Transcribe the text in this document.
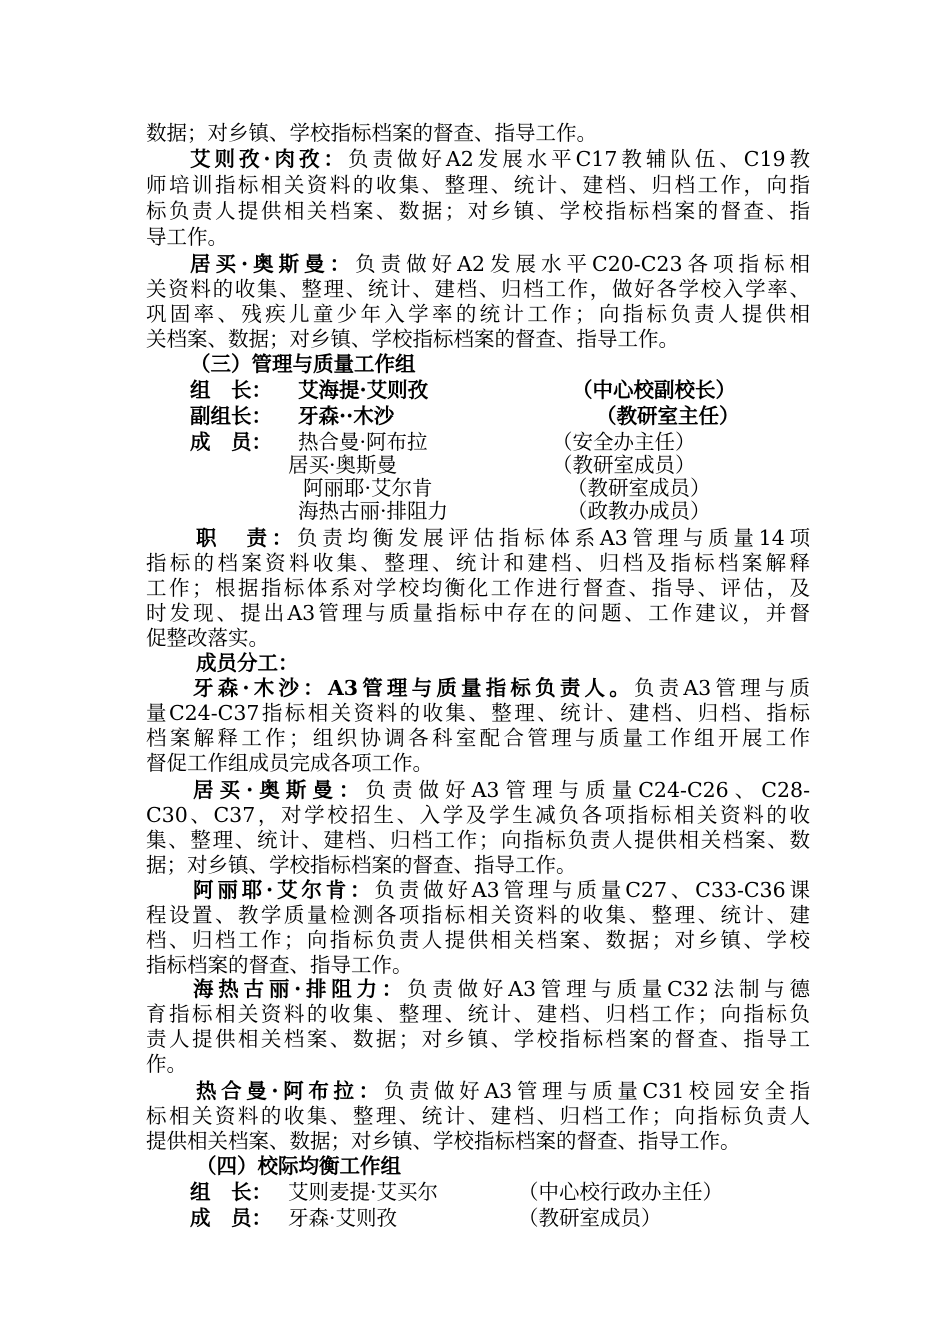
数据；对乡镇、学校指标档案的督查、指导工作。

艾则孜·肉孜：负责做好A2发展水平C17教辅队伍、C19教

师培训指标相关资料的收集、整理、统计、建档、归档工作，向指

标负责人提供相关档案、数据；对乡镇、学校指标档案的督查、指

导工作。

居买·奥斯曼：负责做好A2发展水平C20-C23各项指标相

关资料的收集、整理、统计、建档、归档工作，做好各学校入学率、

巩固率、残疾儿童少年入学率的统计工作；向指标负责人提供相

关档案、数据；对乡镇、学校指标档案的督查、指导工作。

（三）管理与质量工作组

组　长： 艾海提·艾则孜	（中心校副校长）
副组长： 牙森··木沙	（教研室主任）
成　员： 热合曼·阿布拉	（安全办主任）
居买·奥斯曼	（教研室成员）
阿丽耶·艾尔肯	（教研室成员）
海热古丽·排阻力	（政教办成员）

职　责：负责均衡发展评估指标体系A3管理与质量14项

指标的档案资料收集、整理、统计和建档、归档及指标档案解释

工作；根据指标体系对学校均衡化工作进行督查、指导、评估，及

时发现、提出A3管理与质量指标中存在的问题、工作建议，并督

促整改落实。

成员分工：

牙森·木沙：A3管理与质量指标负责人。负责A3管理与质

量C24-C37指标相关资料的收集、整理、统计、建档、归档、指标

档案解释工作；组织协调各科室配合管理与质量工作组开展工作

督促工作组成员完成各项工作。

居买·奥斯曼：负责做好A3管理与质量C24-C26、C28-

C30、C37，对学校招生、入学及学生减负各项指标相关资料的收

集、整理、统计、建档、归档工作；向指标负责人提供相关档案、数

据；对乡镇、学校指标档案的督查、指导工作。

阿丽耶·艾尔肯：负责做好A3管理与质量C27、C33-C36课

程设置、教学质量检测各项指标相关资料的收集、整理、统计、建

档、归档工作；向指标负责人提供相关档案、数据；对乡镇、学校

指标档案的督查、指导工作。

海热古丽·排阻力：负责做好A3管理与质量C32法制与德

育指标相关资料的收集、整理、统计、建档、归档工作；向指标负

责人提供相关档案、数据；对乡镇、学校指标档案的督查、指导工

作。

热合曼·阿布拉：负责做好A3管理与质量C31校园安全指

标相关资料的收集、整理、统计、建档、归档工作；向指标负责人

提供相关档案、数据；对乡镇、学校指标档案的督查、指导工作。

（四）校际均衡工作组

组　长： 艾则麦提·艾买尔	（中心校行政办主任）
成　员： 牙森·艾则孜	（教研室成员）
